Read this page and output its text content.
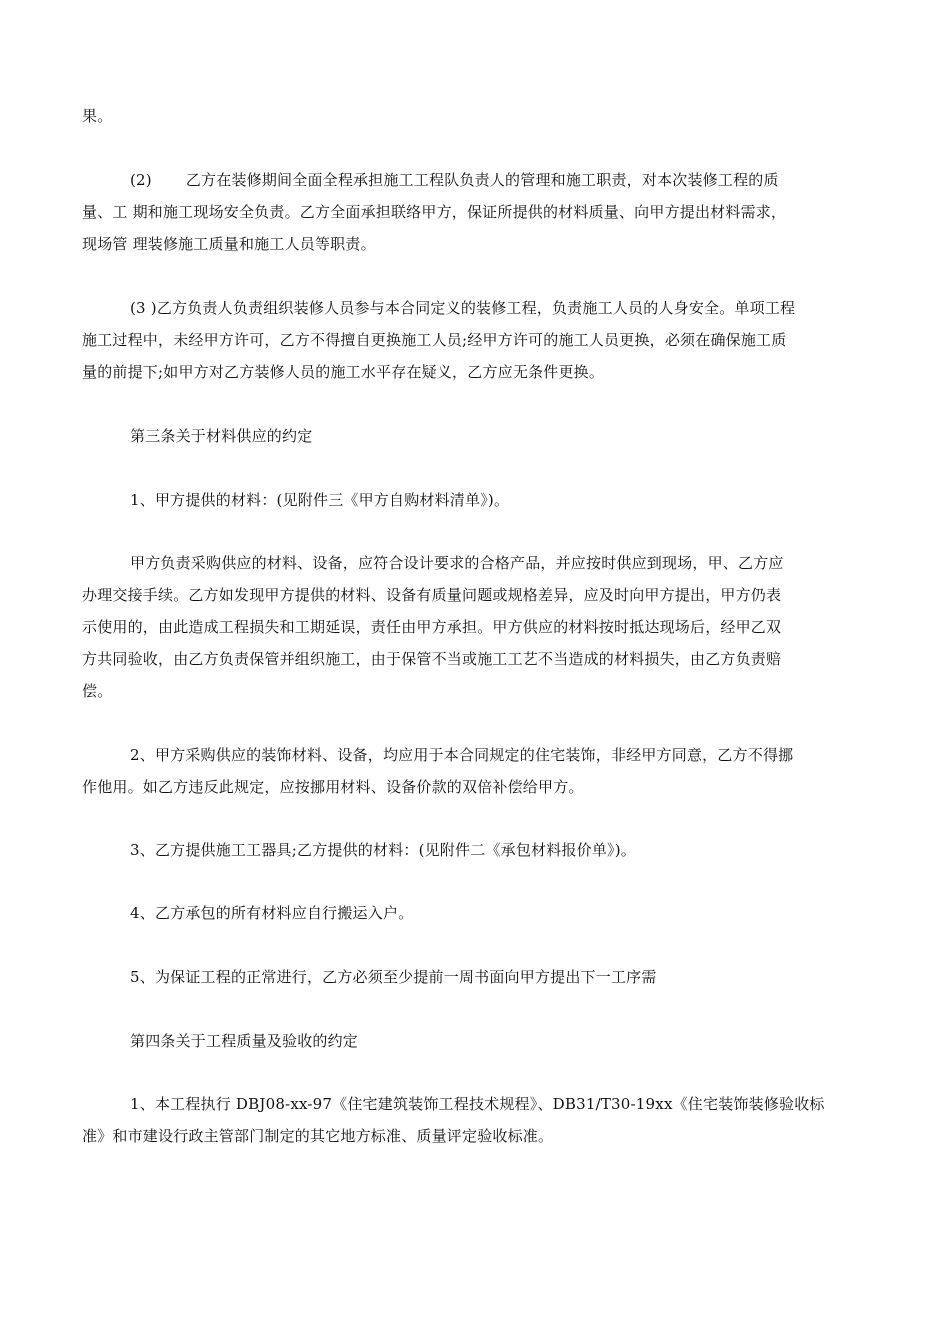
果。

(2) 乙方在装修期间全面全程承担施工工程队负责人的管理和施工职责，对本次装修工程的质
量、工 期和施工现场安全负责。乙方全面承担联络甲方，保证所提供的材料质量、向甲方提出材料需求，
现场管 理装修施工质量和施工人员等职责。

(3 )乙方负责人负责组织装修人员参与本合同定义的装修工程，负责施工人员的人身安全。单项工程
施工过程中，未经甲方许可，乙方不得擅自更换施工人员;经甲方许可的施工人员更换，必须在确保施工质
量的前提下;如甲方对乙方装修人员的施工水平存在疑义，乙方应无条件更换。

第三条关于材料供应的约定

1、甲方提供的材料：(见附件三《甲方自购材料清单》)。

甲方负责采购供应的材料、设备，应符合设计要求的合格产品，并应按时供应到现场，甲、乙方应
办理交接手续。乙方如发现甲方提供的材料、设备有质量问题或规格差异，应及时向甲方提出，甲方仍表
示使用的，由此造成工程损失和工期延误，责任由甲方承担。甲方供应的材料按时抵达现场后，经甲乙双
方共同验收，由乙方负责保管并组织施工，由于保管不当或施工工艺不当造成的材料损失，由乙方负责赔
偿。

2、甲方采购供应的装饰材料、设备，均应用于本合同规定的住宅装饰，非经甲方同意，乙方不得挪
作他用。如乙方违反此规定，应按挪用材料、设备价款的双倍补偿给甲方。

3、乙方提供施工工器具;乙方提供的材料：(见附件二《承包材料报价单》)。

4、乙方承包的所有材料应自行搬运入户。

5、为保证工程的正常进行，乙方必须至少提前一周书面向甲方提出下一工序需

第四条关于工程质量及验收的约定

1、本工程执行 DBJ08-xx-97《住宅建筑装饰工程技术规程》、DB31/T30-19xx《住宅装饰装修验收标
准》和市建设行政主管部门制定的其它地方标准、质量评定验收标准。
